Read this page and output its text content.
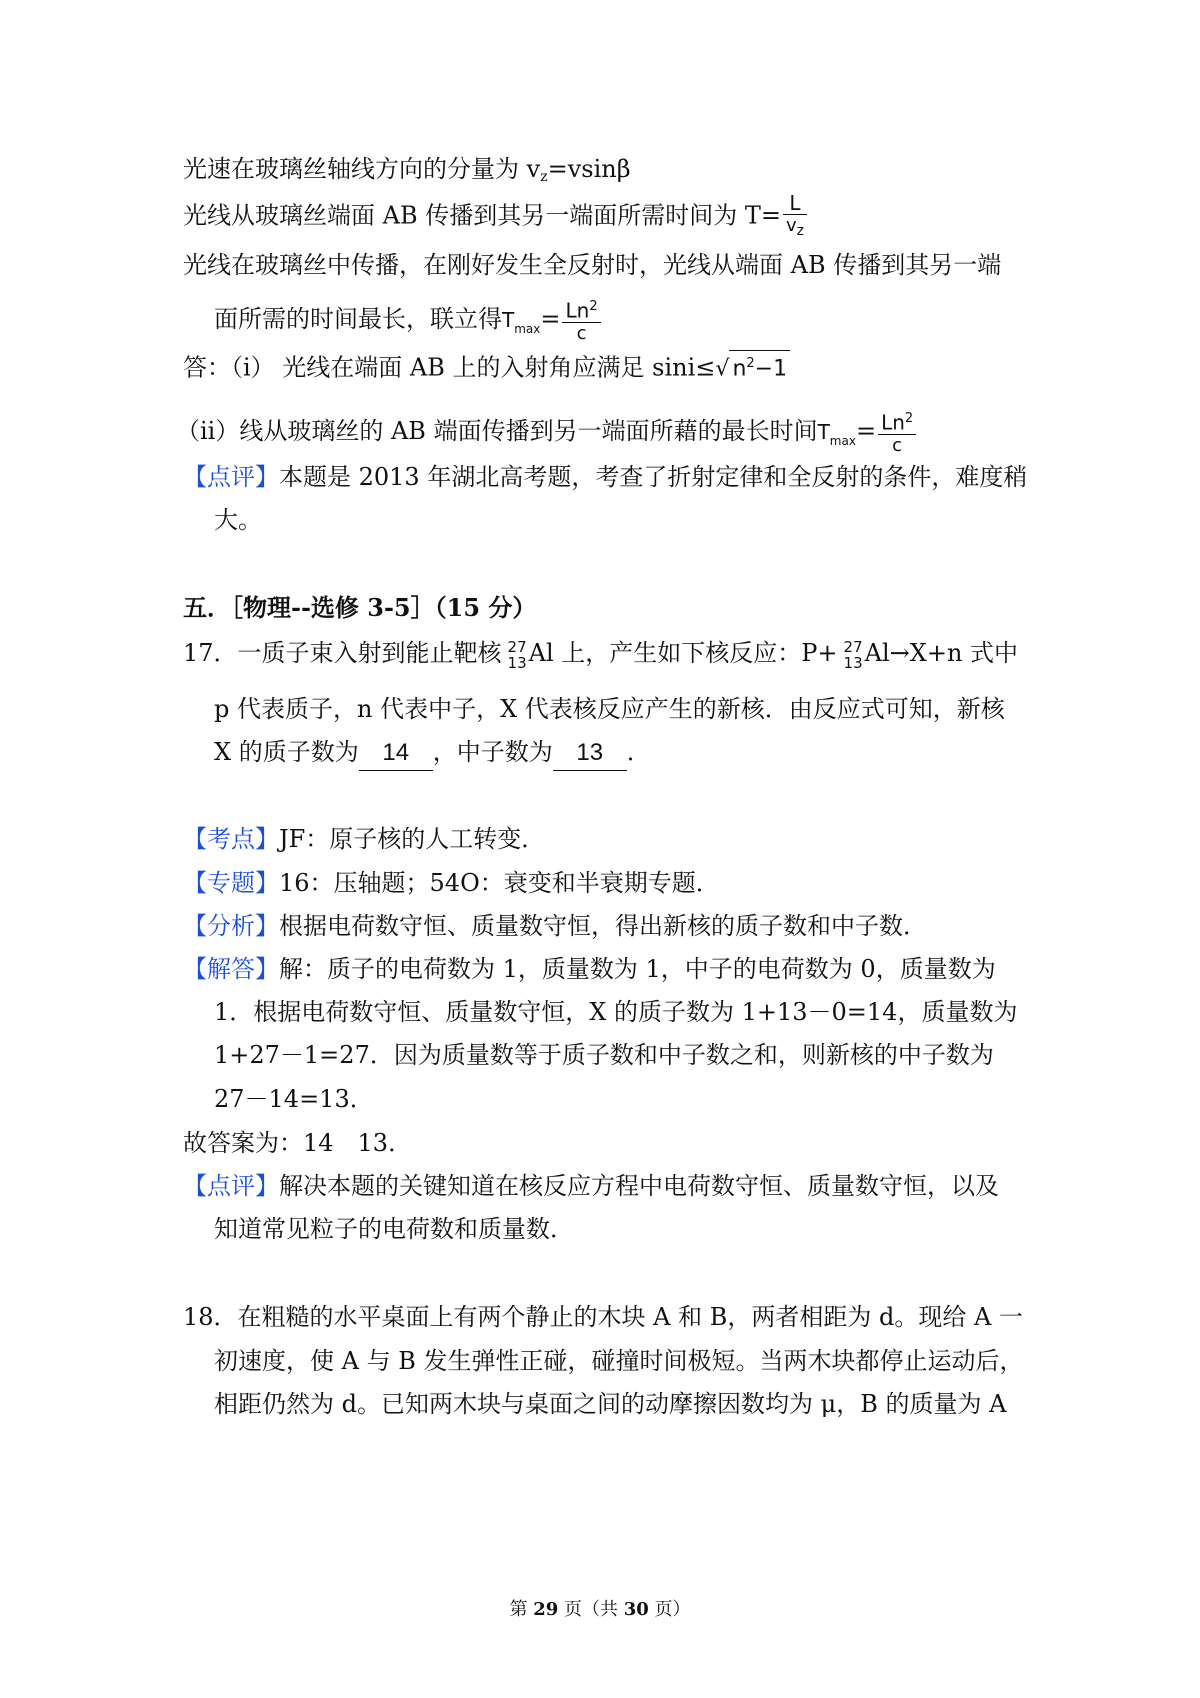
光速在玻璃丝轴线方向的分量为 $v_z=vsin\beta$
光线从玻璃丝端面 AB 传播到其另一端面所需时间为 $T= \frac{L}{v_z}$
光线在玻璃丝中传播，在刚好发生全反射时，光线从端面 AB 传播到其另一端
面所需的时间最长，联立得$T_{max}= \frac{Ln^2}{c}$
答：（i） 光线在端面 AB 上的入射角应满足 sini≤√ $n^2-1$
（ii）线从玻璃丝的 AB 端面传播到另一端面所藉的最长时间$T_{max}= \frac{Ln^2}{c}$
【点评】本题是 2013 年湖北高考题，考查了折射定律和全反射的条件，难度稍
大。
五．［物理--选修 3-5］（15 分）
17．一质子束入射到能止靶核 27
13 Al 上，产生如下核反应：P+ 27
13 Al→X+n 式中
p 代表质子，n 代表中子，X 代表核反应产生的新核．由反应式可知，新核
X 的质子数为 14 ，中子数为 13 ．
【考点】JF：原子核的人工转变．
【专题】16：压轴题；54O：衰变和半衰期专题．
【分析】根据电荷数守恒、质量数守恒，得出新核的质子数和中子数．
【解答】解：质子的电荷数为 1，质量数为 1，中子的电荷数为 0，质量数为
1．根据电荷数守恒、质量数守恒，X 的质子数为 1+13－0=14，质量数为
1+27－1=27．因为质量数等于质子数和中子数之和，则新核的中子数为
27－14=13．
故答案为：14　13．
【点评】解决本题的关键知道在核反应方程中电荷数守恒、质量数守恒，以及
知道常见粒子的电荷数和质量数．
18．在粗糙的水平桌面上有两个静止的木块 A 和 B，两者相距为 d。现给 A 一
初速度，使 A 与 B 发生弹性正碰，碰撞时间极短。当两木块都停止运动后，
相距仍然为 d。已知两木块与桌面之间的动摩擦因数均为 μ，B 的质量为 A
第 29 页（共 30 页）
